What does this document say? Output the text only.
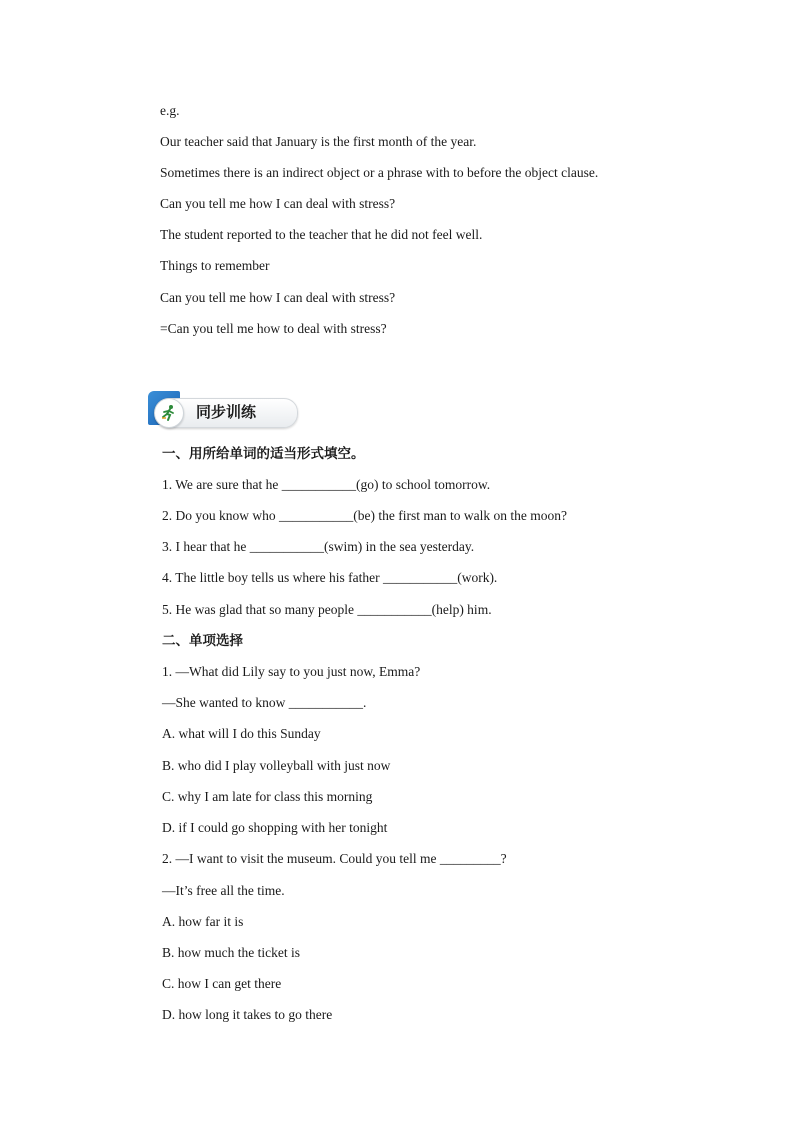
e.g.
Our teacher said that January is the first month of the year.
Sometimes there is an indirect object or a phrase with to before the object clause.
Can you tell me how I can deal with stress?
The student reported to the teacher that he did not feel well.
Things to remember
Can you tell me how I can deal with stress?
=Can you tell me how to deal with stress?
同步训练
一、用所给单词的适当形式填空。
1. We are sure that he ___________(go) to school tomorrow.
2. Do you know who ___________(be) the first man to walk on the moon?
3. I hear that he ___________(swim) in the sea yesterday.
4. The little boy tells us where his father ___________(work).
5. He was glad that so many people ___________(help) him.
二、单项选择
1. —What did Lily say to you just now, Emma?
—She wanted to know ___________.
A. what will I do this Sunday
B. who did I play volleyball with just now
C. why I am late for class this morning
D. if I could go shopping with her tonight
2. —I want to visit the museum. Could you tell me _________?
—It’s free all the time.
A. how far it is
B. how much the ticket is
C. how I can get there
D. how long it takes to go there
